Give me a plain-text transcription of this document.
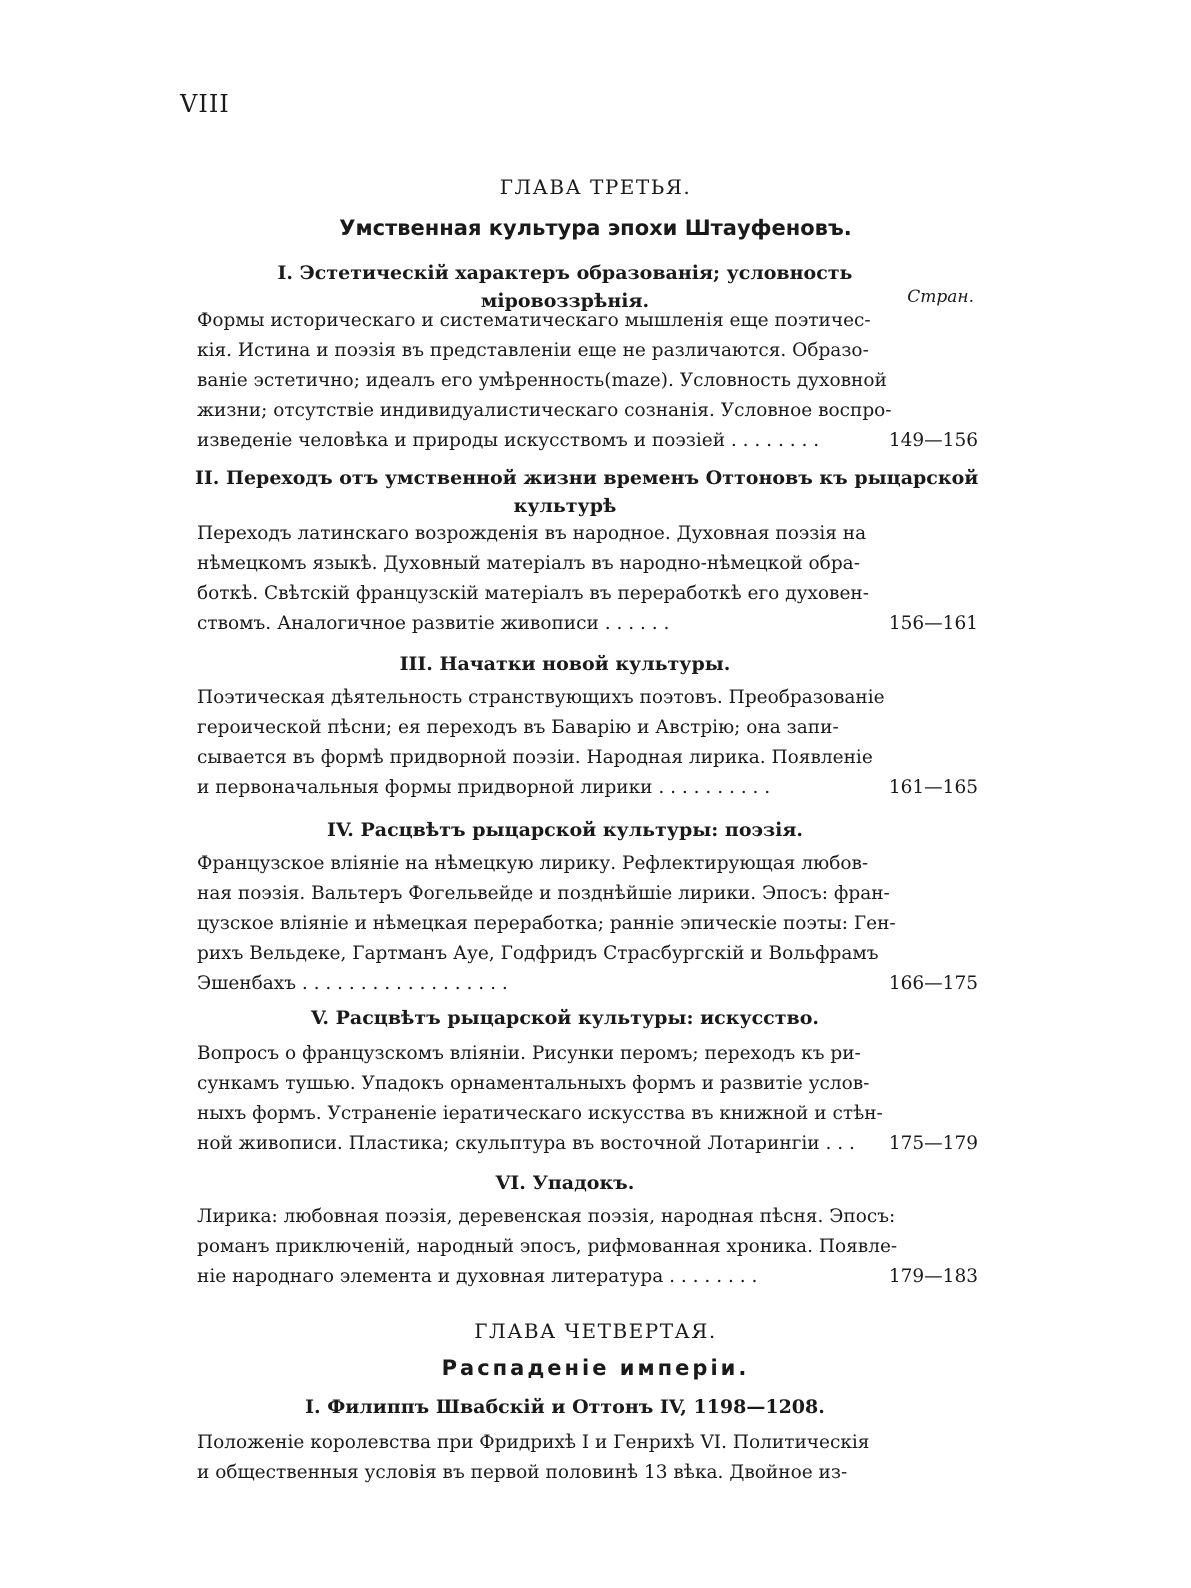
VIII
ГЛАВА ТРЕТЬЯ.
Умственная культура эпохи Штауфеновъ.
I. Эстетическій характеръ образованія; условность міровоззрѣнія.	Стран.
Формы историческаго и систематическаго мышленія еще поэтичес-
кія. Истина и поэзія въ представленіи еще не различаются. Образо-
ваніе эстетично; идеалъ его умѣренность(maze). Условность духовной
жизни; отсутствіе индивидуалистическаго сознанія. Условное воспро-
изведеніе человѣка и природы искусствомъ и поэзіей . . . . . . . .	149—156
II. Переходъ отъ умственной жизни временъ Оттоновъ къ рыцарской
культурѣ
Переходъ латинскаго возрожденія въ народное. Духовная поэзія на
нѣмецкомъ языкѣ. Духовный матеріалъ въ народно-нѣмецкой обра-
боткѣ. Свѣтскій французскій матеріалъ въ переработкѣ его духовен-
ствомъ. Аналогичное развитіе живописи . . . . . .	156—161
III. Начатки новой культуры.
Поэтическая дѣятельность странствующихъ поэтовъ. Преобразованіе
героической пѣсни; ея переходъ въ Баварію и Австрію; она запи-
сывается въ формѣ придворной поэзіи. Народная лирика. Появленіе
и первоначальныя формы придворной лирики . . . . . . . . . .	161—165
IV. Расцвѣтъ рыцарской культуры: поэзія.
Французское вліяніе на нѣмецкую лирику. Рефлектирующая любов-
ная поэзія. Вальтеръ Фогельвейде и позднѣйшіе лирики. Эпосъ: фран-
цузское вліяніе и нѣмецкая переработка; ранніе эпическіе поэты: Ген-
рихъ Вельдеке, Гартманъ Ауе, Годфридъ Страсбургскій и Вольфрамъ
Эшенбахъ . . . . . . . . . . . . . . . . . .	166—175
V. Расцвѣтъ рыцарской культуры: искусство.
Вопросъ о французскомъ вліяніи. Рисунки перомъ; переходъ къ ри-
сункамъ тушью. Упадокъ орнаментальныхъ формъ и развитіе услов-
ныхъ формъ. Устраненіе іератическаго искусства въ книжной и стѣн-
ной живописи. Пластика; скульптура въ восточной Лотарингіи . . .	175—179
VI. Упадокъ.
Лирика: любовная поэзія, деревенская поэзія, народная пѣсня. Эпосъ:
романъ приключеній, народный эпосъ, рифмованная хроника. Появле-
ніе народнаго элемента и духовная литература . . . . . . . .	179—183
ГЛАВА ЧЕТВЕРТАЯ.
Распаденіе имперіи.
I. Филиппъ Швабскій и Оттонъ IV, 1198—1208.
Положеніе королевства при Фридрихѣ I и Генрихѣ VI. Политическія
и общественныя условія въ первой половинѣ 13 вѣка. Двойное из-
